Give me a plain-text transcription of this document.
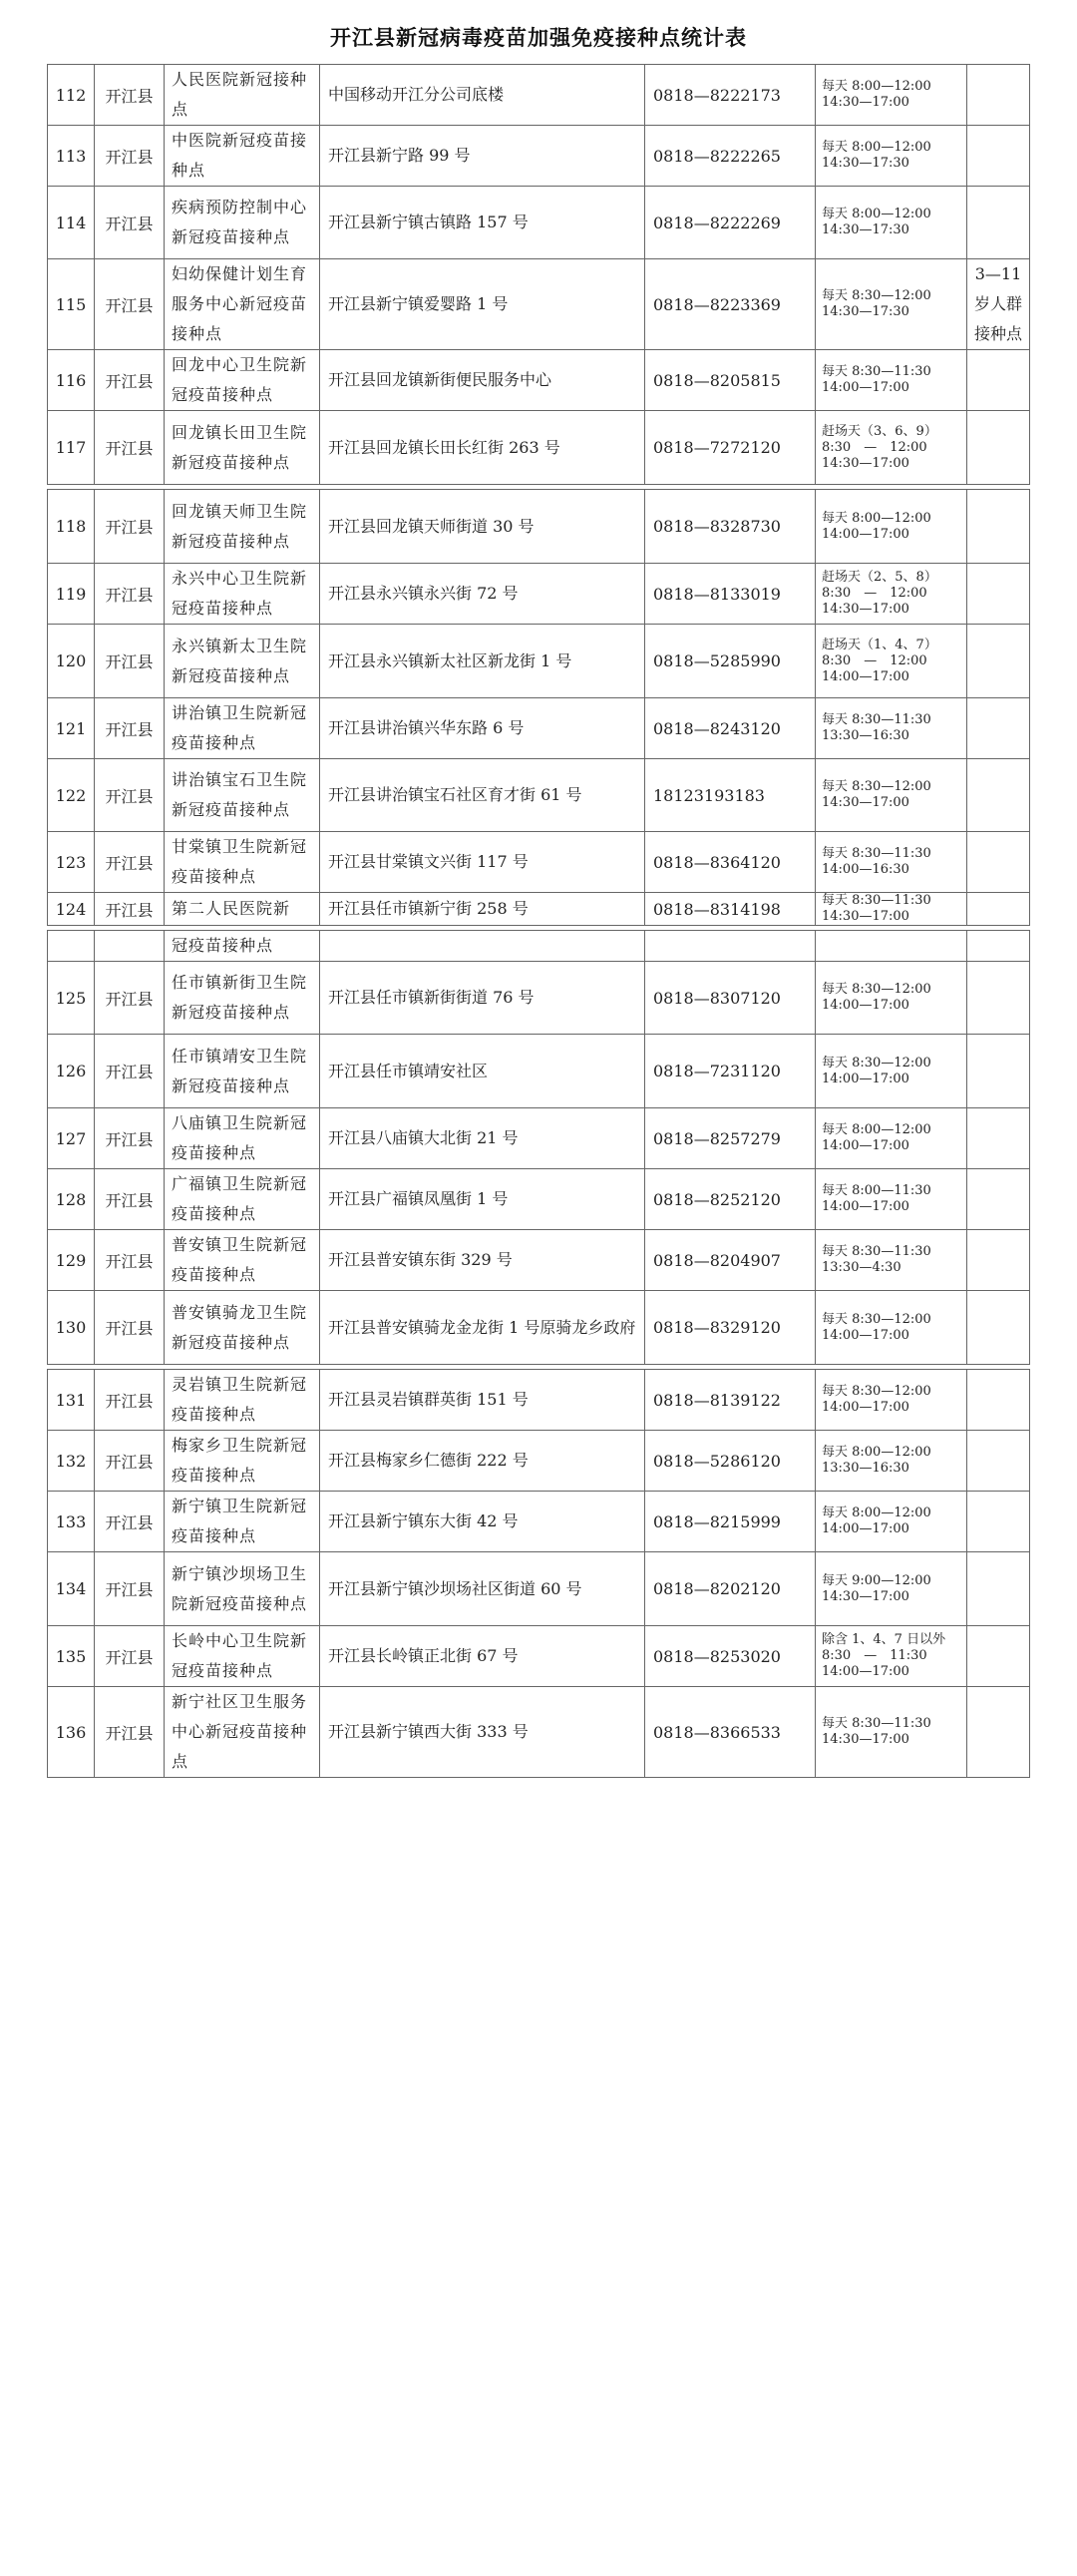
开江县新冠病毒疫苗加强免疫接种点统计表
112	开江县	人民医院新冠接种点	中国移动开江分公司底楼	0818—8222173	每天 8:00—12:00
14:30—17:00	
113	开江县	中医院新冠疫苗接种点	开江县新宁路 99 号	0818—8222265	每天 8:00—12:00
14:30—17:30	
114	开江县	疾病预防控制中心新冠疫苗接种点	开江县新宁镇古镇路 157 号	0818—8222269	每天 8:00—12:00
14:30—17:30	
115	开江县	妇幼保健计划生育服务中心新冠疫苗接种点	开江县新宁镇爱婴路 1 号	0818—8223369	每天 8:30—12:00
14:30—17:30	3—11 岁人群接种点
116	开江县	回龙中心卫生院新冠疫苗接种点	开江县回龙镇新街便民服务中心	0818—8205815	每天 8:30—11:30
14:00—17:00	
117	开江县	回龙镇长田卫生院新冠疫苗接种点	开江县回龙镇长田长红街 263 号	0818—7272120	赶场天（3、6、9）
8:30　—　12:00
14:30—17:00	

118	开江县	回龙镇天师卫生院新冠疫苗接种点	开江县回龙镇天师街道 30 号	0818—8328730	每天 8:00—12:00
14:00—17:00	
119	开江县	永兴中心卫生院新冠疫苗接种点	开江县永兴镇永兴街 72 号	0818—8133019	赶场天（2、5、8）
8:30　—　12:00
14:30—17:00	
120	开江县	永兴镇新太卫生院新冠疫苗接种点	开江县永兴镇新太社区新龙街 1 号	0818—5285990	赶场天（1、4、7）
8:30　—　12:00
14:00—17:00	
121	开江县	讲治镇卫生院新冠疫苗接种点	开江县讲治镇兴华东路 6 号	0818—8243120	每天 8:30—11:30
13:30—16:30	
122	开江县	讲治镇宝石卫生院新冠疫苗接种点	开江县讲治镇宝石社区育才街 61 号	18123193183	每天 8:30—12:00
14:30—17:00	
123	开江县	甘棠镇卫生院新冠疫苗接种点	开江县甘棠镇文兴街 117 号	0818—8364120	每天 8:30—11:30
14:00—16:30	
124	开江县	第二人民医院新	开江县任市镇新宁街 258 号	0818—8314198	每天 8:30—11:30
14:30—17:00	

		冠疫苗接种点				
125	开江县	任市镇新街卫生院新冠疫苗接种点	开江县任市镇新街街道 76 号	0818—8307120	每天 8:30—12:00
14:00—17:00	
126	开江县	任市镇靖安卫生院新冠疫苗接种点	开江县任市镇靖安社区	0818—7231120	每天 8:30—12:00
14:00—17:00	
127	开江县	八庙镇卫生院新冠疫苗接种点	开江县八庙镇大北街 21 号	0818—8257279	每天 8:00—12:00
14:00—17:00	
128	开江县	广福镇卫生院新冠疫苗接种点	开江县广福镇凤凰街 1 号	0818—8252120	每天 8:00—11:30
14:00—17:00	
129	开江县	普安镇卫生院新冠疫苗接种点	开江县普安镇东街 329 号	0818—8204907	每天 8:30—11:30
13:30—4:30	
130	开江县	普安镇骑龙卫生院新冠疫苗接种点	开江县普安镇骑龙金龙街 1 号原骑龙乡政府	0818—8329120	每天 8:30—12:00
14:00—17:00	

131	开江县	灵岩镇卫生院新冠疫苗接种点	开江县灵岩镇群英街 151 号	0818—8139122	每天 8:30—12:00
14:00—17:00	
132	开江县	梅家乡卫生院新冠疫苗接种点	开江县梅家乡仁德街 222 号	0818—5286120	每天 8:00—12:00
13:30—16:30	
133	开江县	新宁镇卫生院新冠疫苗接种点	开江县新宁镇东大街 42 号	0818—8215999	每天 8:00—12:00
14:00—17:00	
134	开江县	新宁镇沙坝场卫生院新冠疫苗接种点	开江县新宁镇沙坝场社区街道 60 号	0818—8202120	每天 9:00—12:00
14:30—17:00	
135	开江县	长岭中心卫生院新冠疫苗接种点	开江县长岭镇正北街 67 号	0818—8253020	除含 1、4、7 日以外
8:30　—　11:30
14:00—17:00	
136	开江县	新宁社区卫生服务中心新冠疫苗接种点	开江县新宁镇西大街 333 号	0818—8366533	每天 8:30—11:30
14:30—17:00	
